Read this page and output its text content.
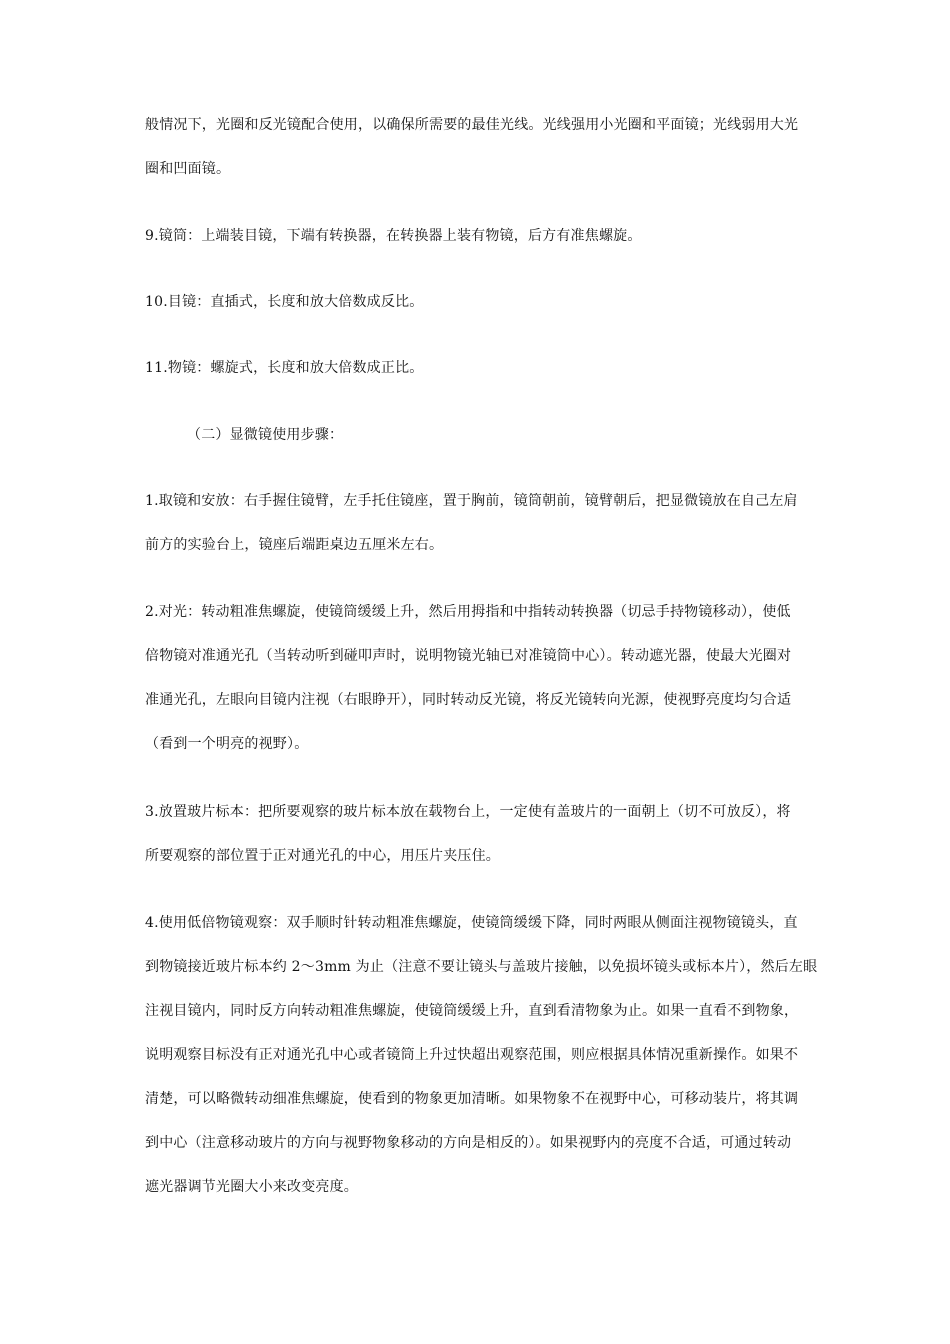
般情况下，光圈和反光镜配合使用，以确保所需要的最佳光线。光线强用小光圈和平面镜；光线弱用大光
圈和凹面镜。

9.镜筒：上端装目镜，下端有转换器，在转换器上装有物镜，后方有准焦螺旋。

10.目镜：直插式，长度和放大倍数成反比。

11.物镜：螺旋式，长度和放大倍数成正比。

（二）显微镜使用步骤：

1.取镜和安放：右手握住镜臂，左手托住镜座，置于胸前，镜筒朝前，镜臂朝后，把显微镜放在自己左肩
前方的实验台上，镜座后端距桌边五厘米左右。

2.对光：转动粗准焦螺旋，使镜筒缓缓上升，然后用拇指和中指转动转换器（切忌手持物镜移动），使低
倍物镜对准通光孔（当转动听到碰叩声时，说明物镜光轴已对准镜筒中心）。转动遮光器，使最大光圈对
准通光孔，左眼向目镜内注视（右眼睁开），同时转动反光镜，将反光镜转向光源，使视野亮度均匀合适
（看到一个明亮的视野）。

3.放置玻片标本：把所要观察的玻片标本放在载物台上，一定使有盖玻片的一面朝上（切不可放反），将
所要观察的部位置于正对通光孔的中心，用压片夹压住。

4.使用低倍物镜观察：双手顺时针转动粗准焦螺旋，使镜筒缓缓下降，同时两眼从侧面注视物镜镜头，直
到物镜接近玻片标本约 2～3mm 为止（注意不要让镜头与盖玻片接触，以免损坏镜头或标本片），然后左眼
注视目镜内，同时反方向转动粗准焦螺旋，使镜筒缓缓上升，直到看清物象为止。如果一直看不到物象，
说明观察目标没有正对通光孔中心或者镜筒上升过快超出观察范围，则应根据具体情况重新操作。如果不
清楚，可以略微转动细准焦螺旋，使看到的物象更加清晰。如果物象不在视野中心，可移动装片，将其调
到中心（注意移动玻片的方向与视野物象移动的方向是相反的）。如果视野内的亮度不合适，可通过转动
遮光器调节光圈大小来改变亮度。
